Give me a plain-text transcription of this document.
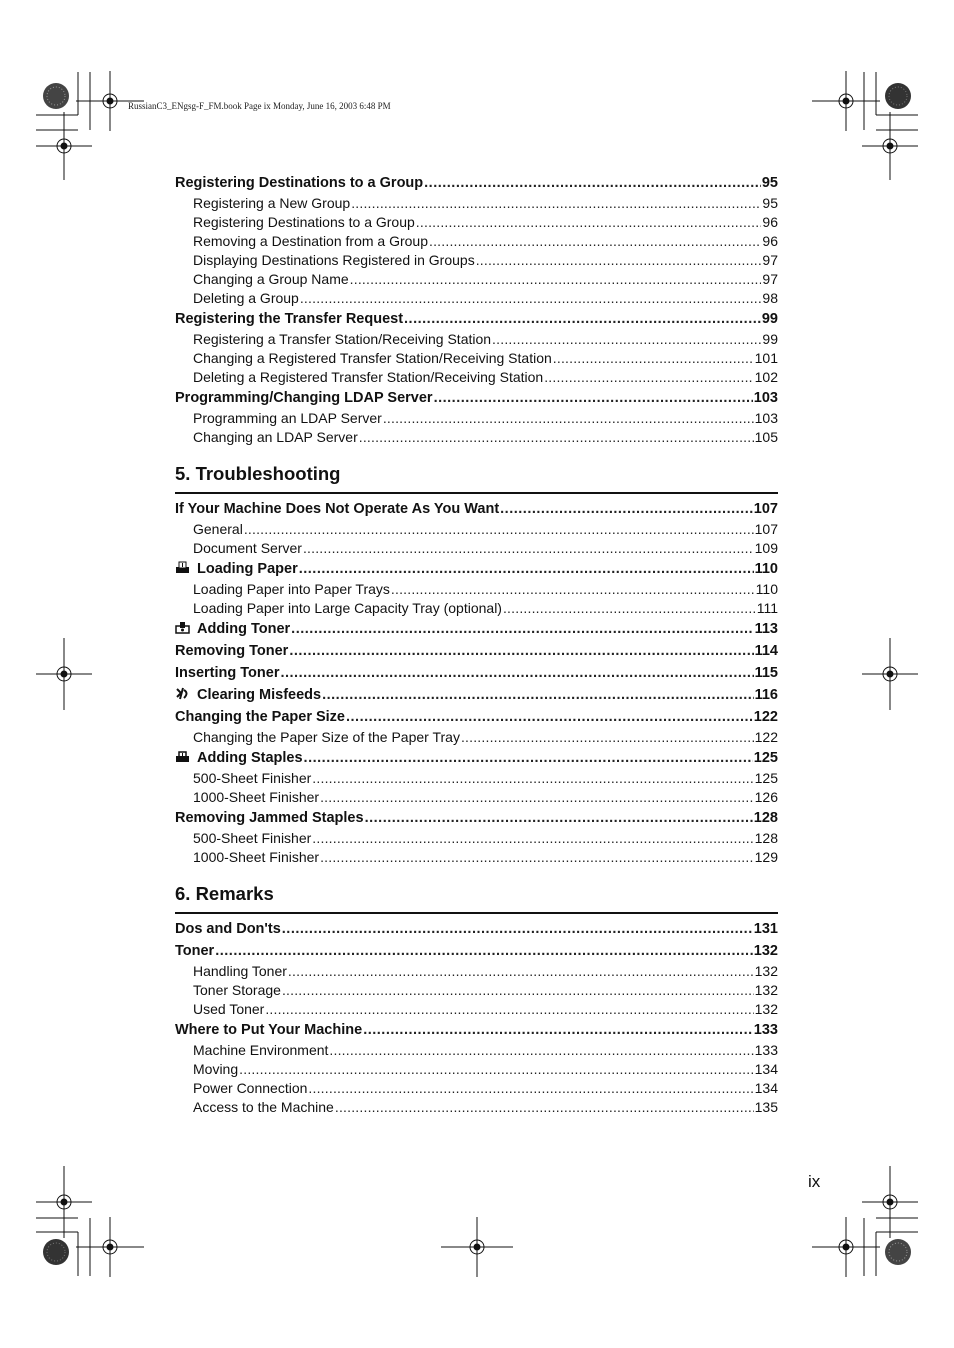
RussianC3_ENgsg-F_FM.book Page ix Monday, June 16, 2003 6:48 PM
Registering Destinations to a Group .....	95
Registering a New Group .....	95
Registering Destinations to a Group .....	96
Removing a Destination from a Group .....	96
Displaying Destinations Registered in Groups .....	97
Changing a Group Name .....	97
Deleting a Group .....	98
Registering the Transfer Request .....	99
Registering a Transfer Station/Receiving Station .....	99
Changing a Registered Transfer Station/Receiving Station .....	101
Deleting a Registered Transfer Station/Receiving Station .....	102
Programming/Changing LDAP Server .....	103
Programming an LDAP Server .....	103
Changing an LDAP Server .....	105
5. Troubleshooting
If Your Machine Does Not Operate As You Want .....	107
General .....	107
Document Server .....	109
Loading Paper .....	110
Loading Paper into Paper Trays .....	110
Loading Paper into Large Capacity Tray (optional) .....	111
Adding Toner .....	113
Removing Toner .....	114
Inserting Toner .....	115
Clearing Misfeeds .....	116
Changing the Paper Size .....	122
Changing the Paper Size of the Paper Tray .....	122
Adding Staples .....	125
500-Sheet Finisher .....	125
1000-Sheet Finisher .....	126
Removing Jammed Staples .....	128
500-Sheet Finisher .....	128
1000-Sheet Finisher .....	129
6. Remarks
Dos and Don'ts .....	131
Toner .....	132
Handling Toner .....	132
Toner Storage .....	132
Used Toner .....	132
Where to Put Your Machine .....	133
Machine Environment .....	133
Moving .....	134
Power Connection .....	134
Access to the Machine .....	135
ix
